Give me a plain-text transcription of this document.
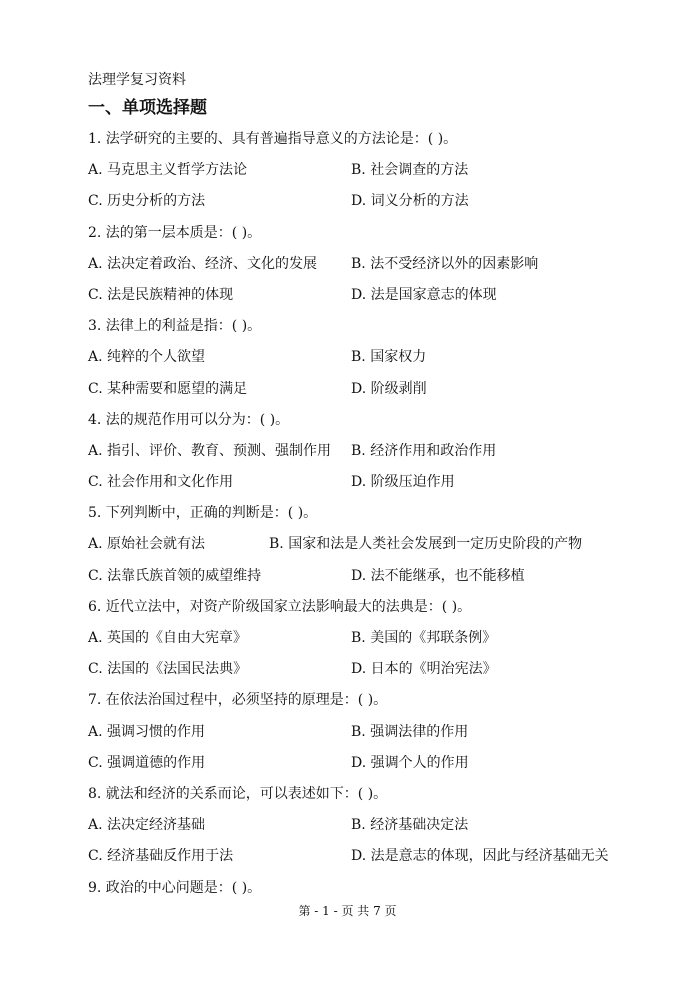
法理学复习资料
一、单项选择题
1. 法学研究的主要的、具有普遍指导意义的方法论是：( )。
A. 马克思主义哲学方法论	B. 社会调查的方法
C. 历史分析的方法	D. 词义分析的方法
2. 法的第一层本质是：( )。
A. 法决定着政治、经济、文化的发展 B. 法不受经济以外的因素影响
C. 法是民族精神的体现	D. 法是国家意志的体现
3. 法律上的利益是指：( )。
A. 纯粹的个人欲望	B. 国家权力
C. 某种需要和愿望的满足	D. 阶级剥削
4. 法的规范作用可以分为：( )。
A. 指引、评价、教育、预测、强制作用 B. 经济作用和政治作用
C. 社会作用和文化作用	D. 阶级压迫作用
5. 下列判断中，正确的判断是：( )。
A. 原始社会就有法	B. 国家和法是人类社会发展到一定历史阶段的产物
C. 法靠氏族首领的威望维持	D. 法不能继承，也不能移植
6. 近代立法中，对资产阶级国家立法影响最大的法典是：( )。
A. 英国的《自由大宪章》	B. 美国的《邦联条例》
C. 法国的《法国民法典》	D. 日本的《明治宪法》
7. 在依法治国过程中，必须坚持的原理是：( )。
A. 强调习惯的作用	B. 强调法律的作用
C. 强调道德的作用	D. 强调个人的作用
8. 就法和经济的关系而论，可以表述如下：( )。
A. 法决定经济基础	B. 经济基础决定法
C. 经济基础反作用于法	D. 法是意志的体现，因此与经济基础无关
9. 政治的中心问题是：( )。
第 - 1 - 页 共 7 页
